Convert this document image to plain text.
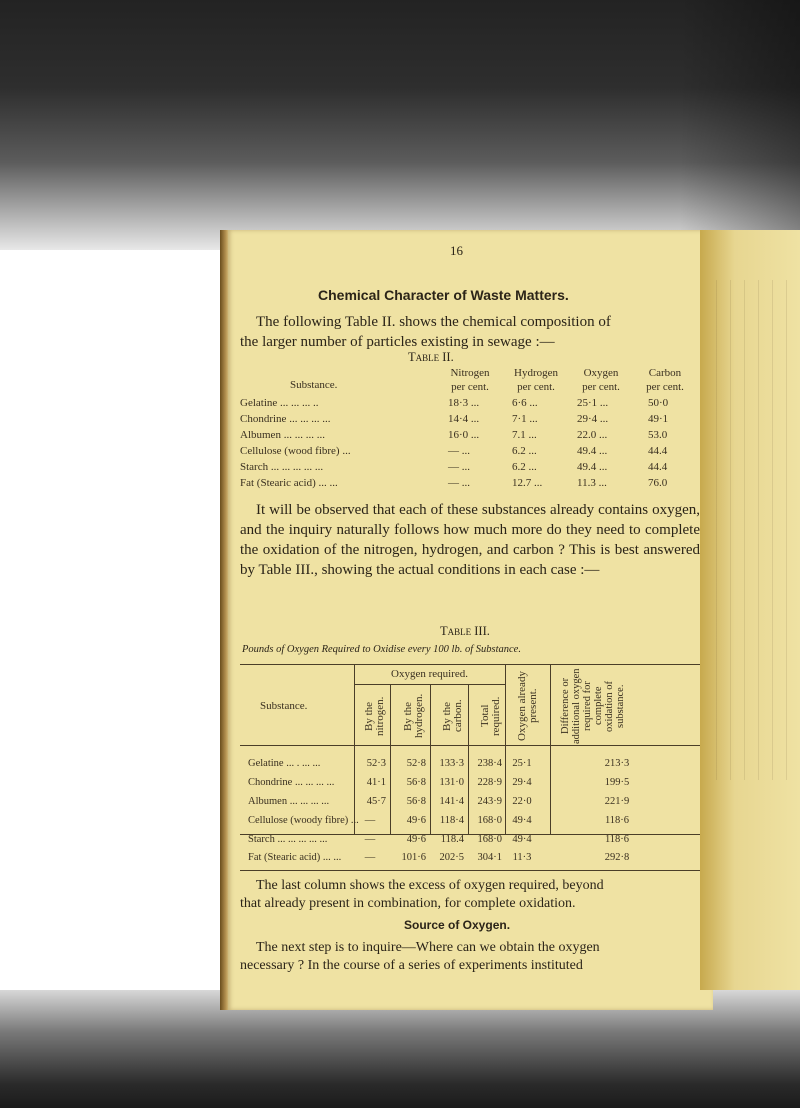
16
Chemical Character of Waste Matters.
The following Table II. shows the chemical composition of
the larger number of particles existing in sewage :—
Table II.
Substance.
Nitrogen
per cent.
Hydrogen
per cent.
Oxygen
per cent.
Carbon
per cent.
Gelatine ... ... ... ..	18·3 ...	6·6 ...	25·1 ...	50·0
Chondrine ... ... ... ...	14·4 ...	7·1 ...	29·4 ...	49·1
Albumen ... ... ... ...	16·0 ...	7.1 ...	22.0 ...	53.0
Cellulose (wood fibre) ...	— ...	6.2 ...	49.4 ...	44.4
Starch ... ... ... ... ...	— ...	6.2 ...	49.4 ...	44.4
Fat (Stearic acid) ... ...	— ...	12.7 ...	11.3 ...	76.0
It will be observed that each of these substances already contains oxygen, and the inquiry naturally follows how much more do they need to complete the oxidation of the nitrogen, hydrogen, and carbon ? This is best answered by Table III., showing the actual conditions in each case :—
Table III.
Pounds of Oxygen Required to Oxidise every 100 lb. of Substance.
Substance.
Oxygen required.
By the nitrogen. By the hydrogen. By the carbon. Total required. Oxygen already present.	Difference or additional oxygen required for complete oxidation of substance.
Gelatine ... . ... ...	52·3	52·8	133·3	238·4 25·1	213·3
Chondrine ... ... ... ...	41·1	56·8	131·0	228·9 29·4	199·5
Albumen ... ... ... ...	45·7	56·8	141·4	243·9 22·0	221·9
Cellulose (woody fibre) ... —	49·6	118·4	168·0 49·4	118·6
Starch ... ... ... ... ...	—	49·6	118.4	168·0 49·4	118·6
Fat (Stearic acid) ... ...	—	101·6	202·5	304·1	11·3	292·8
The last column shows the excess of oxygen required, beyond
that already present in combination, for complete oxidation.
Source of Oxygen.
The next step is to inquire—Where can we obtain the oxygen
necessary ? In the course of a series of experiments instituted
